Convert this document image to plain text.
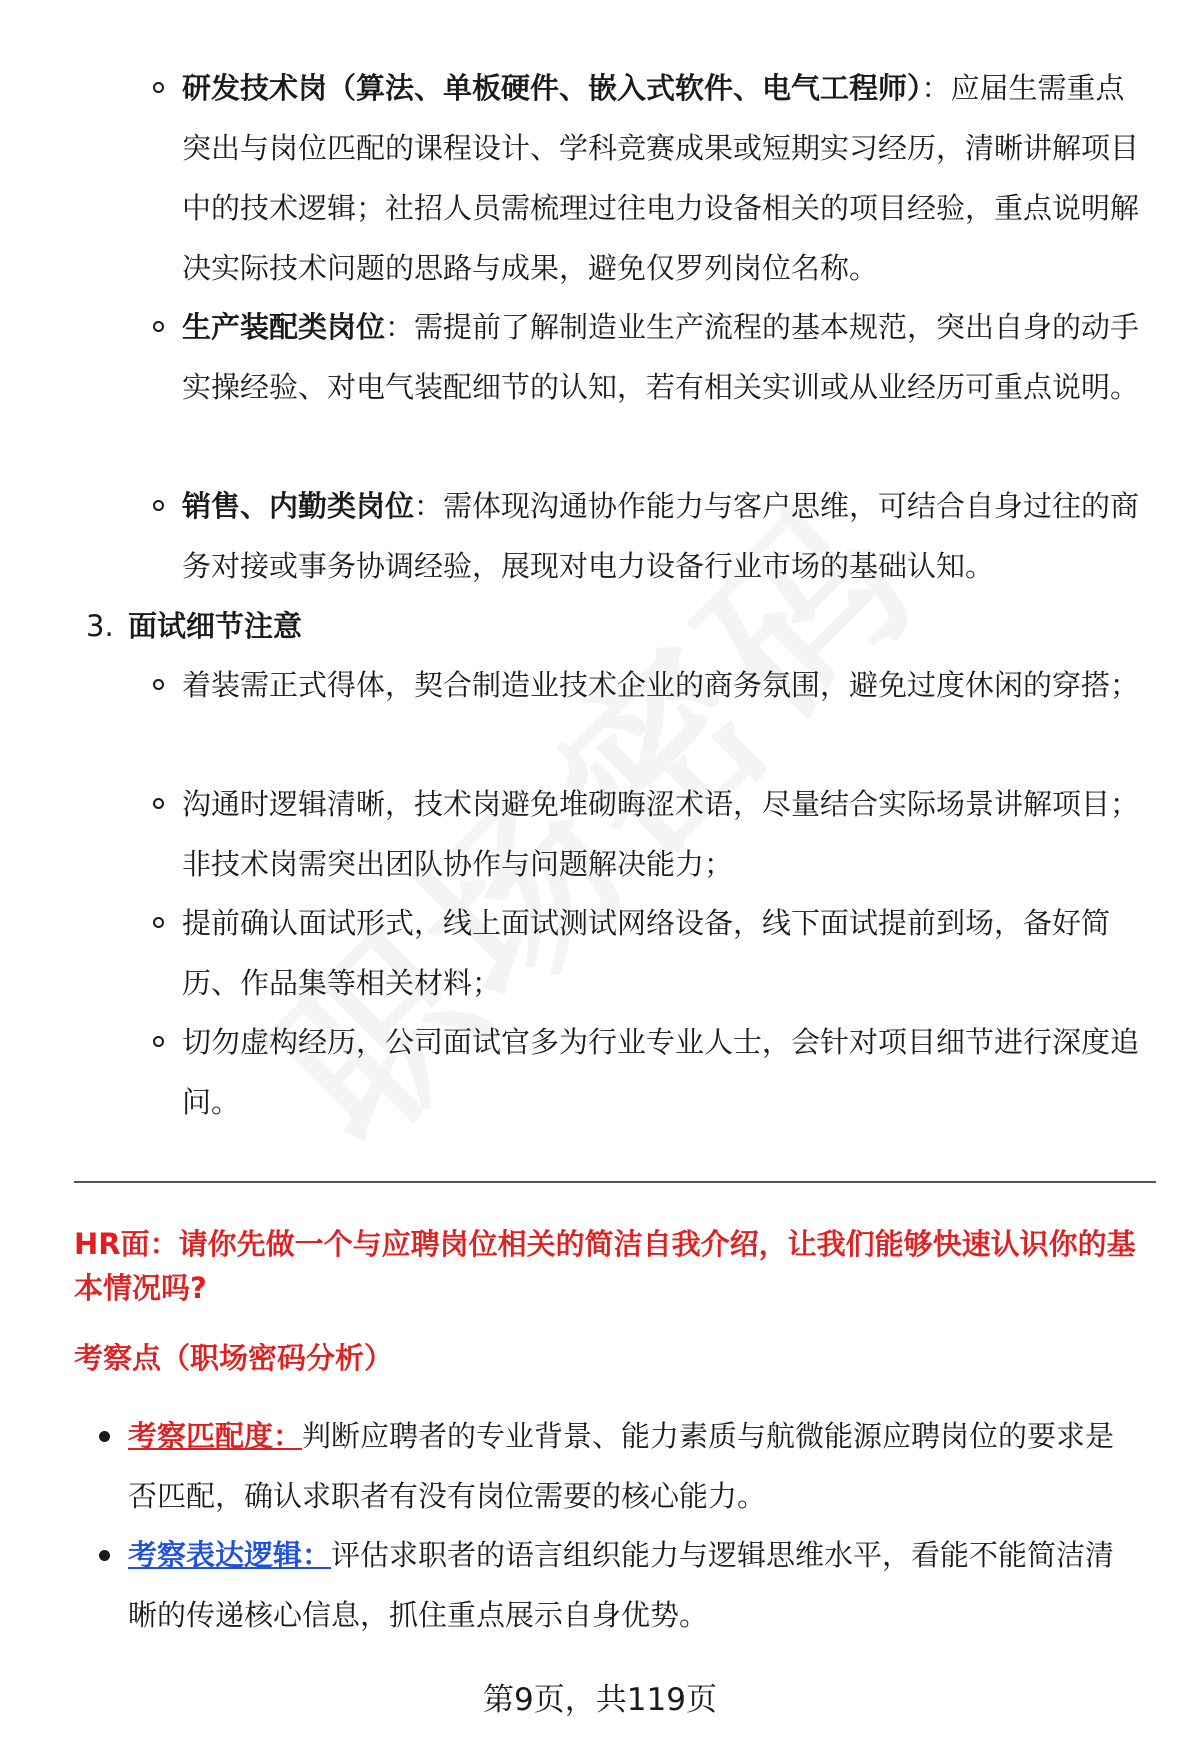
研发技术岗（算法、单板硬件、嵌入式软件、电气工程师）：应届生需重点突出与岗位匹配的课程设计、学科竞赛成果或短期实习经历，清晰讲解项目中的技术逻辑；社招人员需梳理过往电力设备相关的项目经验，重点说明解决实际技术问题的思路与成果，避免仅罗列岗位名称。
生产装配类岗位：需提前了解制造业生产流程的基本规范，突出自身的动手实操经验、对电气装配细节的认知，若有相关实训或从业经历可重点说明。
销售、内勤类岗位：需体现沟通协作能力与客户思维，可结合自身过往的商务对接或事务协调经验，展现对电力设备行业市场的基础认知。
3. 面试细节注意
着装需正式得体，契合制造业技术企业的商务氛围，避免过度休闲的穿搭；
沟通时逻辑清晰，技术岗避免堆砌晦涩术语，尽量结合实际场景讲解项目；非技术岗需突出团队协作与问题解决能力；
提前确认面试形式，线上面试测试网络设备，线下面试提前到场，备好简历、作品集等相关材料；
切勿虚构经历，公司面试官多为行业专业人士，会针对项目细节进行深度追问。
HR面：请你先做一个与应聘岗位相关的简洁自我介绍，让我们能够快速认识你的基本情况吗?
考察点（职场密码分析）
考察匹配度：判断应聘者的专业背景、能力素质与航微能源应聘岗位的要求是否匹配，确认求职者有没有岗位需要的核心能力。
考察表达逻辑：评估求职者的语言组织能力与逻辑思维水平，看能不能简洁清晰的传递核心信息，抓住重点展示自身优势。
第9页，共119页
